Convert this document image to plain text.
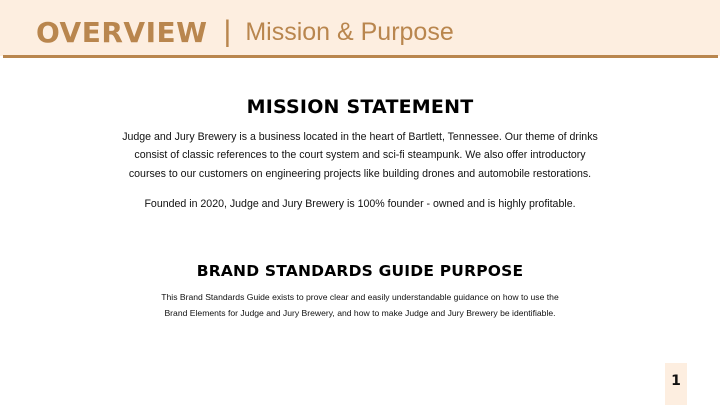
OVERVIEW | Mission & Purpose
MISSION STATEMENT
Judge and Jury Brewery is a business located in the heart of Bartlett, Tennessee. Our theme of drinks
consist of classic references to the court system and sci-fi steampunk. We also offer introductory
courses to our customers on engineering projects like building drones and automobile restorations.
Founded in 2020, Judge and Jury Brewery is 100% founder - owned and is highly profitable.
BRAND STANDARDS GUIDE PURPOSE
This Brand Standards Guide exists to prove clear and easily understandable guidance on how to use the
Brand Elements for Judge and Jury Brewery, and how to make Judge and Jury Brewery be identifiable.
1
